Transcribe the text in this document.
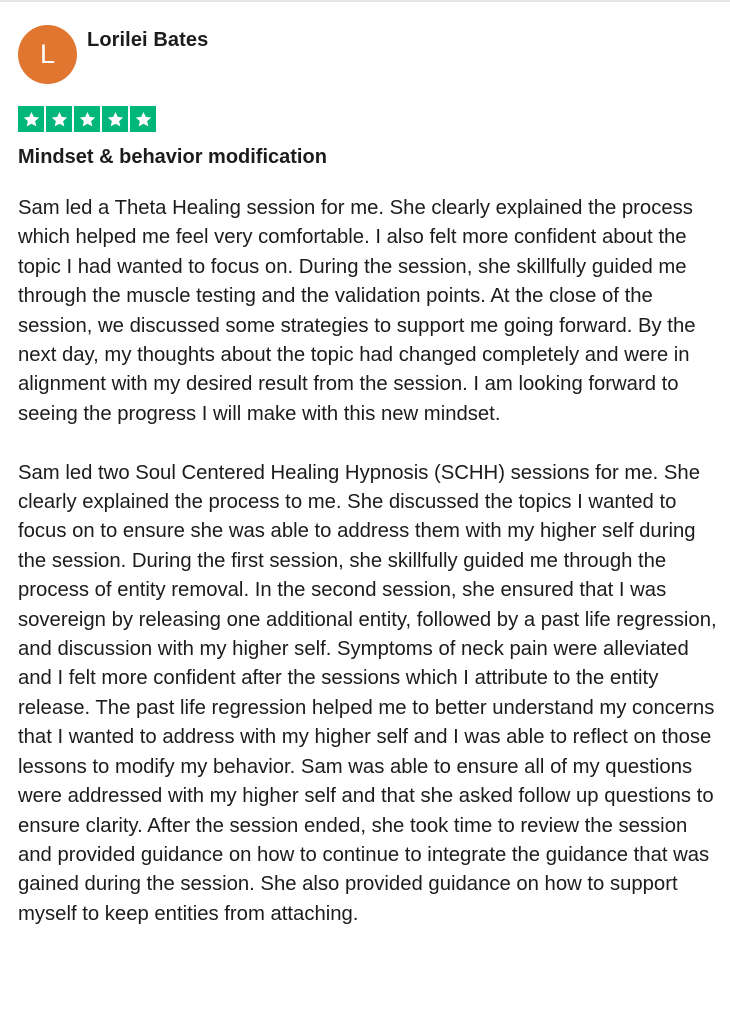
L	Lorilei Bates
Mindset & behavior modification

Sam led a Theta Healing session for me. She clearly explained the process which helped me feel very comfortable. I also felt more confident about the topic I had wanted to focus on. During the session, she skillfully guided me through the muscle testing and the validation points. At the close of the session, we discussed some strategies to support me going forward. By the next day, my thoughts about the topic had changed completely and were in alignment with my desired result from the session. I am looking forward to seeing the progress I will make with this new mindset.

Sam led two Soul Centered Healing Hypnosis (SCHH) sessions for me. She clearly explained the process to me. She discussed the topics I wanted to focus on to ensure she was able to address them with my higher self during the session. During the first session, she skillfully guided me through the process of entity removal. In the second session, she ensured that I was sovereign by releasing one additional entity, followed by a past life regression, and discussion with my higher self. Symptoms of neck pain were alleviated and I felt more confident after the sessions which I attribute to the entity release. The past life regression helped me to better understand my concerns that I wanted to address with my higher self and I was able to reflect on those lessons to modify my behavior. Sam was able to ensure all of my questions were addressed with my higher self and that she asked follow up questions to ensure clarity. After the session ended, she took time to review the session and provided guidance on how to continue to integrate the guidance that was gained during the session. She also provided guidance on how to support myself to keep entities from attaching.
